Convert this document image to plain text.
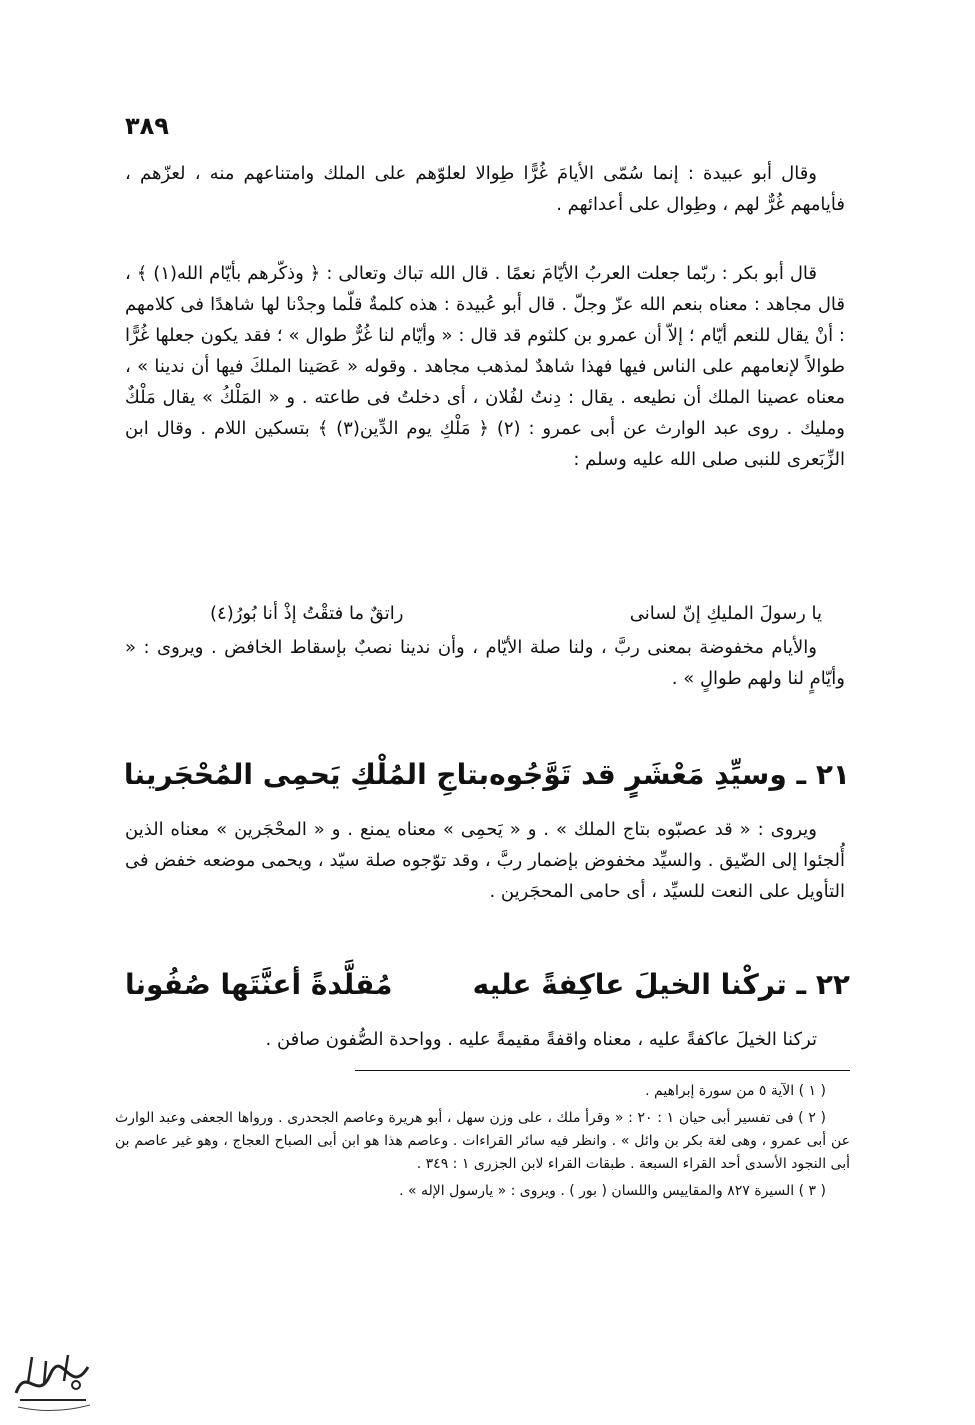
٣٨٩

وقال أبو عبيدة : إنما سُمّى الأيامَ غُرًّا طِوالا لعلوّهم على الملك وامتناعهم منه ، لعزّهم ، فأيامهم غُرٌّ لهم ، وطِوال على أعدائهم .

قال أبو بكر : ربّما جعلت العربُ الأيّامَ نعمًا . قال الله تباك وتعالى : ﴿ وذكّرهم بأيّام الله(١) ﴾ ، قال مجاهد : معناه بنعم الله عزّ وجلّ . قال أبو عُبيدة : هذه كلمةٌ قلّما وجدْنا لها شاهدًا فى كلامهم : أنْ يقال للنعم أيّام ؛ إلاّ أن عمرو بن كلثوم قد قال : « وأيّام لنا غُرٌّ طوال » ؛ فقد يكون جعلها غُرًّا طوالاً لإنعامهم على الناس فيها فهذا شاهدٌ لمذهب مجاهد . وقوله « عَصَينا الملكَ فيها أن ندينا » ، معناه عصينا الملك أن نطيعه . يقال : دِنتُ لفُلان ، أى دخلتُ فى طاعته . و « المَلْكُ » يقال مَلْكٌ ومليك . روى عبد الوارث عن أبى عمرو : (٢) ﴿ مَلْكِ يوم الدِّين(٣) ﴾ بتسكين اللام . وقال ابن الزِّبَعرى للنبى صلى الله عليه وسلم :

يا رسولَ المليكِ إنّ لسانى
راتقٌ ما فتقْتُ إذْ أنا بُورُ(٤)

والأيام مخفوضة بمعنى ربَّ ، ولنا صلة الأيّام ، وأن ندينا نصبٌ بإسقاط الخافض . ويروى : « وأيّامٍ لنا ولهم طوالٍ » .

٢١ ـ وسيِّدِ مَعْشَرٍ قد تَوَّجُوه
بتاجِ المُلْكِ يَحمِى المُحْجَرينا

ويروى : « قد عصبّوه بتاج الملك » . و « يَحمِى » معناه يمنع . و « المحْجَرين » معناه الذين أُلجئوا إلى الضّيق . والسيِّد مخفوض بإضمار ربَّ ، وقد توّجوه صلة سيّد ، ويحمى موضعه خفض فى التأويل على النعت للسيِّد ، أى حامى المحجَرين .

٢٢ ـ تركْنا الخيلَ عاكِفةً عليه
مُقلَّدةً أعنَّتَها صُفُونا

تركنا الخيلَ عاكفةً عليه ، معناه واقفةً مقيمةً عليه . وواحدة الصُّفون صافن .

( ١ ) الآية ٥ من سورة إبراهيم .

( ٢ ) فى تفسير أبى حيان ١ : ٢٠ : « وقرأ ملك ، على وزن سهل ، أبو هريرة وعاصم الجحدرى . ورواها الجعفى وعبد الوارث عن أبى عمرو ، وهى لغة بكر بن وائل » . وانظر فيه سائر القراءات . وعاصم هذا هو ابن أبى الصباح العجاج ، وهو غير عاصم بن أبى النجود الأسدى أحد القراء السبعة . طبقات القراء لابن الجزرى ١ : ٣٤٩ .

( ٣ ) السيرة ٨٢٧ والمقاييس واللسان ( بور ) . ويروى : « يارسول الإله » .
